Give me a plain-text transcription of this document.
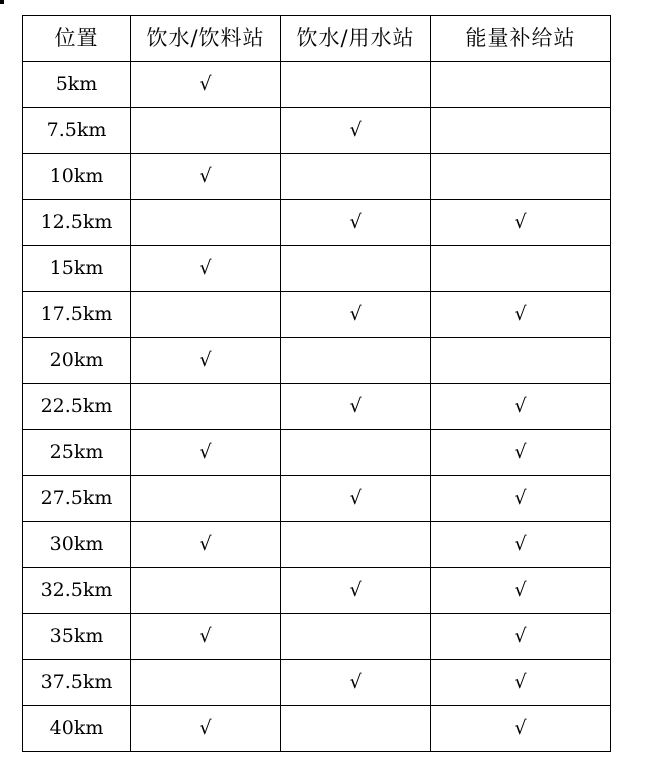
位置	饮水/饮料站	饮水/用水站	能量补给站
5km	√		
7.5km		√	
10km	√		
12.5km		√	√
15km	√		
17.5km		√	√
20km	√		
22.5km		√	√
25km	√		√
27.5km		√	√
30km	√		√
32.5km		√	√
35km	√		√
37.5km		√	√
40km	√		√
